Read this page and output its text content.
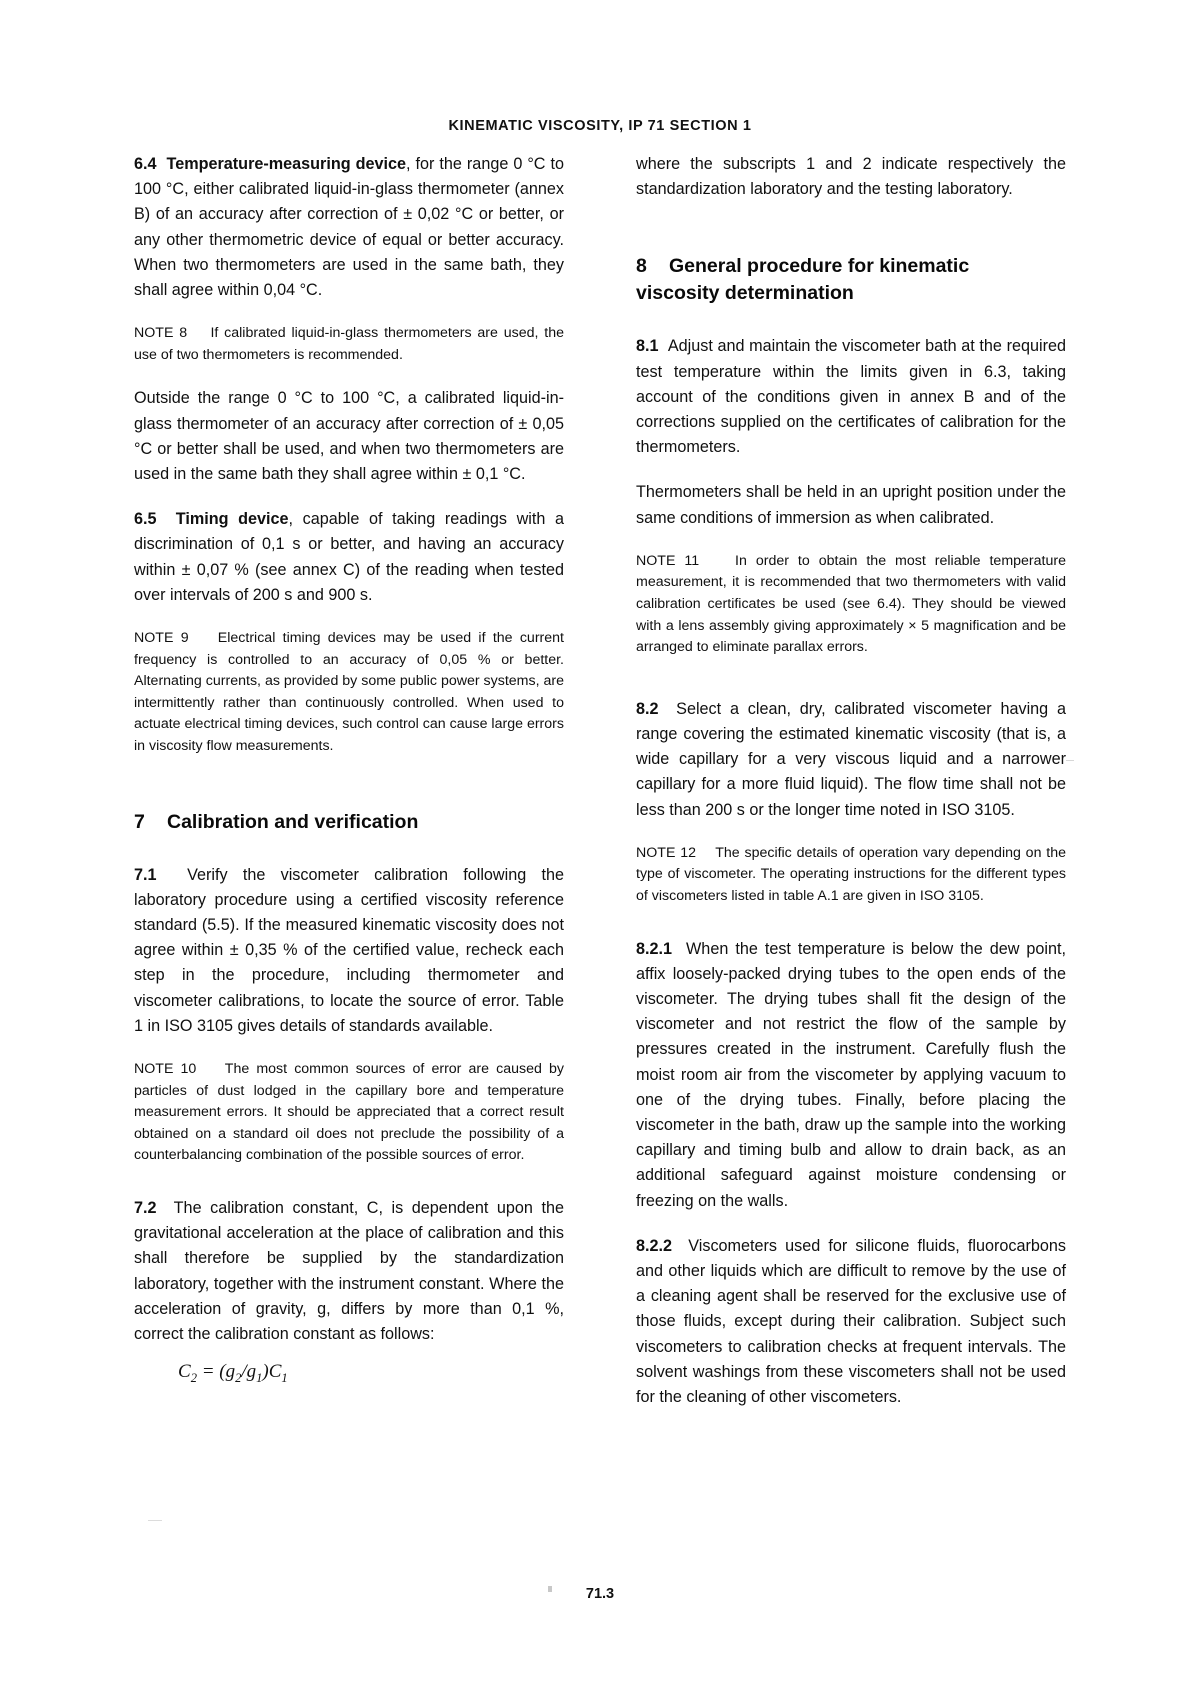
KINEMATIC VISCOSITY, IP 71 SECTION 1

6.4 Temperature-measuring device, for the range 0 °C to 100 °C, either calibrated liquid-in-glass thermometer (annex B) of an accuracy after correction of ± 0,02 °C or better, or any other thermometric device of equal or better accuracy. When two thermometers are used in the same bath, they shall agree within 0,04 °C.

NOTE 8 If calibrated liquid-in-glass thermometers are used, the use of two thermometers is recommended.

Outside the range 0 °C to 100 °C, a calibrated liquid-in-glass thermometer of an accuracy after correction of ± 0,05 °C or better shall be used, and when two thermometers are used in the same bath they shall agree within ± 0,1 °C.

6.5 Timing device, capable of taking readings with a discrimination of 0,1 s or better, and having an accuracy within ± 0,07 % (see annex C) of the reading when tested over intervals of 200 s and 900 s.

NOTE 9 Electrical timing devices may be used if the current frequency is controlled to an accuracy of 0,05 % or better. Alternating currents, as provided by some public power systems, are intermittently rather than continuously controlled. When used to actuate electrical timing devices, such control can cause large errors in viscosity flow measurements.

7 Calibration and verification

7.1 Verify the viscometer calibration following the laboratory procedure using a certified viscosity reference standard (5.5). If the measured kinematic viscosity does not agree within ± 0,35 % of the certified value, recheck each step in the procedure, including thermometer and viscometer calibrations, to locate the source of error. Table 1 in ISO 3105 gives details of standards available.

NOTE 10 The most common sources of error are caused by particles of dust lodged in the capillary bore and temperature measurement errors. It should be appreciated that a correct result obtained on a standard oil does not preclude the possibility of a counterbalancing combination of the possible sources of error.

7.2 The calibration constant, C, is dependent upon the gravitational acceleration at the place of calibration and this shall therefore be supplied by the standardization laboratory, together with the instrument constant. Where the acceleration of gravity, g, differs by more than 0,1 %, correct the calibration constant as follows:

$C_2 = (g_2/g_1)C_1$

where the subscripts 1 and 2 indicate respectively the standardization laboratory and the testing laboratory.

8 General procedure for kinematic
viscosity determination

8.1 Adjust and maintain the viscometer bath at the required test temperature within the limits given in 6.3, taking account of the conditions given in annex B and of the corrections supplied on the certificates of calibration for the thermometers.

Thermometers shall be held in an upright position under the same conditions of immersion as when calibrated.

NOTE 11	In order to obtain the most reliable temperature measurement, it is recommended that two thermometers with valid calibration certificates be used (see 6.4). They should be viewed with a lens assembly giving approximately × 5 magnification and be arranged to eliminate parallax errors.

8.2 Select a clean, dry, calibrated viscometer having a range covering the estimated kinematic viscosity (that is, a wide capillary for a very viscous liquid and a narrower capillary for a more fluid liquid). The flow time shall not be less than 200 s or the longer time noted in ISO 3105.

NOTE 12 The specific details of operation vary depending on the type of viscometer. The operating instructions for the different types of viscometers listed in table A.1 are given in ISO 3105.

8.2.1 When the test temperature is below the dew point, affix loosely-packed drying tubes to the open ends of the viscometer. The drying tubes shall fit the design of the viscometer and not restrict the flow of the sample by pressures created in the instrument. Carefully flush the moist room air from the viscometer by applying vacuum to one of the drying tubes. Finally, before placing the viscometer in the bath, draw up the sample into the working capillary and timing bulb and allow to drain back, as an additional safeguard against moisture condensing or freezing on the walls.

8.2.2 Viscometers used for silicone fluids, fluorocarbons and other liquids which are difficult to remove by the use of a cleaning agent shall be reserved for the exclusive use of those fluids, except during their calibration. Subject such viscometers to calibration checks at frequent intervals. The solvent washings from these viscometers shall not be used for the cleaning of other viscometers.

71.3
